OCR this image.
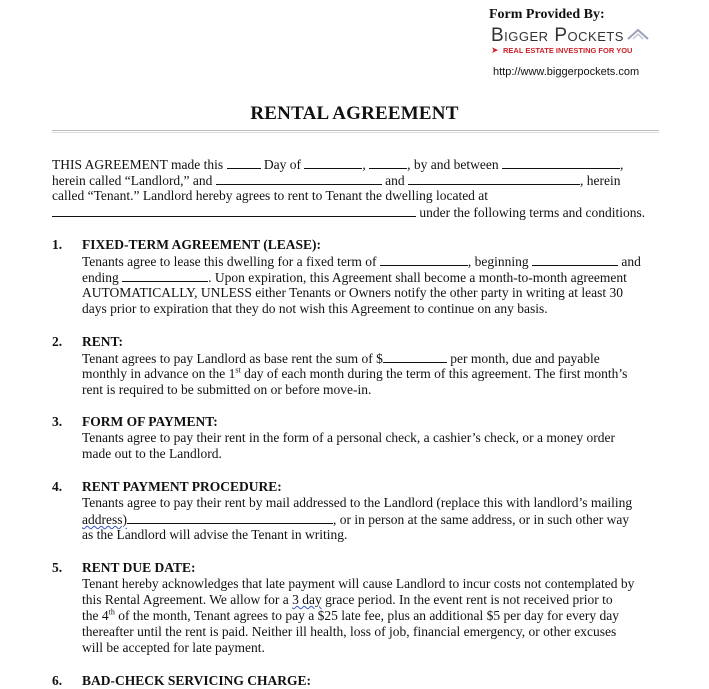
Form Provided By:
Bigger Pockets
➤ REAL ESTATE INVESTING FOR YOU
http://www.biggerpockets.com
RENTAL AGREEMENT
THIS AGREEMENT made this	Day of	,	, by and between	,
herein called “Landlord,” and	and	, herein
called “Tenant.” Landlord hereby agrees to rent to Tenant the dwelling located at
under the following terms and conditions.
1. FIXED-TERM AGREEMENT (LEASE):
Tenants agree to lease this dwelling for a fixed term of	, beginning	and
ending	. Upon expiration, this Agreement shall become a month-to-month agreement
AUTOMATICALLY, UNLESS either Tenants or Owners notify the other party in writing at least 30
days prior to expiration that they do not wish this Agreement to continue on any basis.
2. RENT:
Tenant agrees to pay Landlord as base rent the sum of $	per month, due and payable
monthly in advance on the 1st day of each month during the term of this agreement. The first month’s
rent is required to be submitted on or before move-in.
3. FORM OF PAYMENT:
Tenants agree to pay their rent in the form of a personal check, a cashier’s check, or a money order
made out to the Landlord.
4. RENT PAYMENT PROCEDURE:
Tenants agree to pay their rent by mail addressed to the Landlord (replace this with landlord’s mailing
address)	, or in person at the same address, or in such other way
as the Landlord will advise the Tenant in writing.
5. RENT DUE DATE:
Tenant hereby acknowledges that late payment will cause Landlord to incur costs not contemplated by
this Rental Agreement. We allow for a 3 day grace period. In the event rent is not received prior to
the 4th of the month, Tenant agrees to pay a $25 late fee, plus an additional $5 per day for every day
thereafter until the rent is paid. Neither ill health, loss of job, financial emergency, or other excuses
will be accepted for late payment.
6. BAD-CHECK SERVICING CHARGE:
